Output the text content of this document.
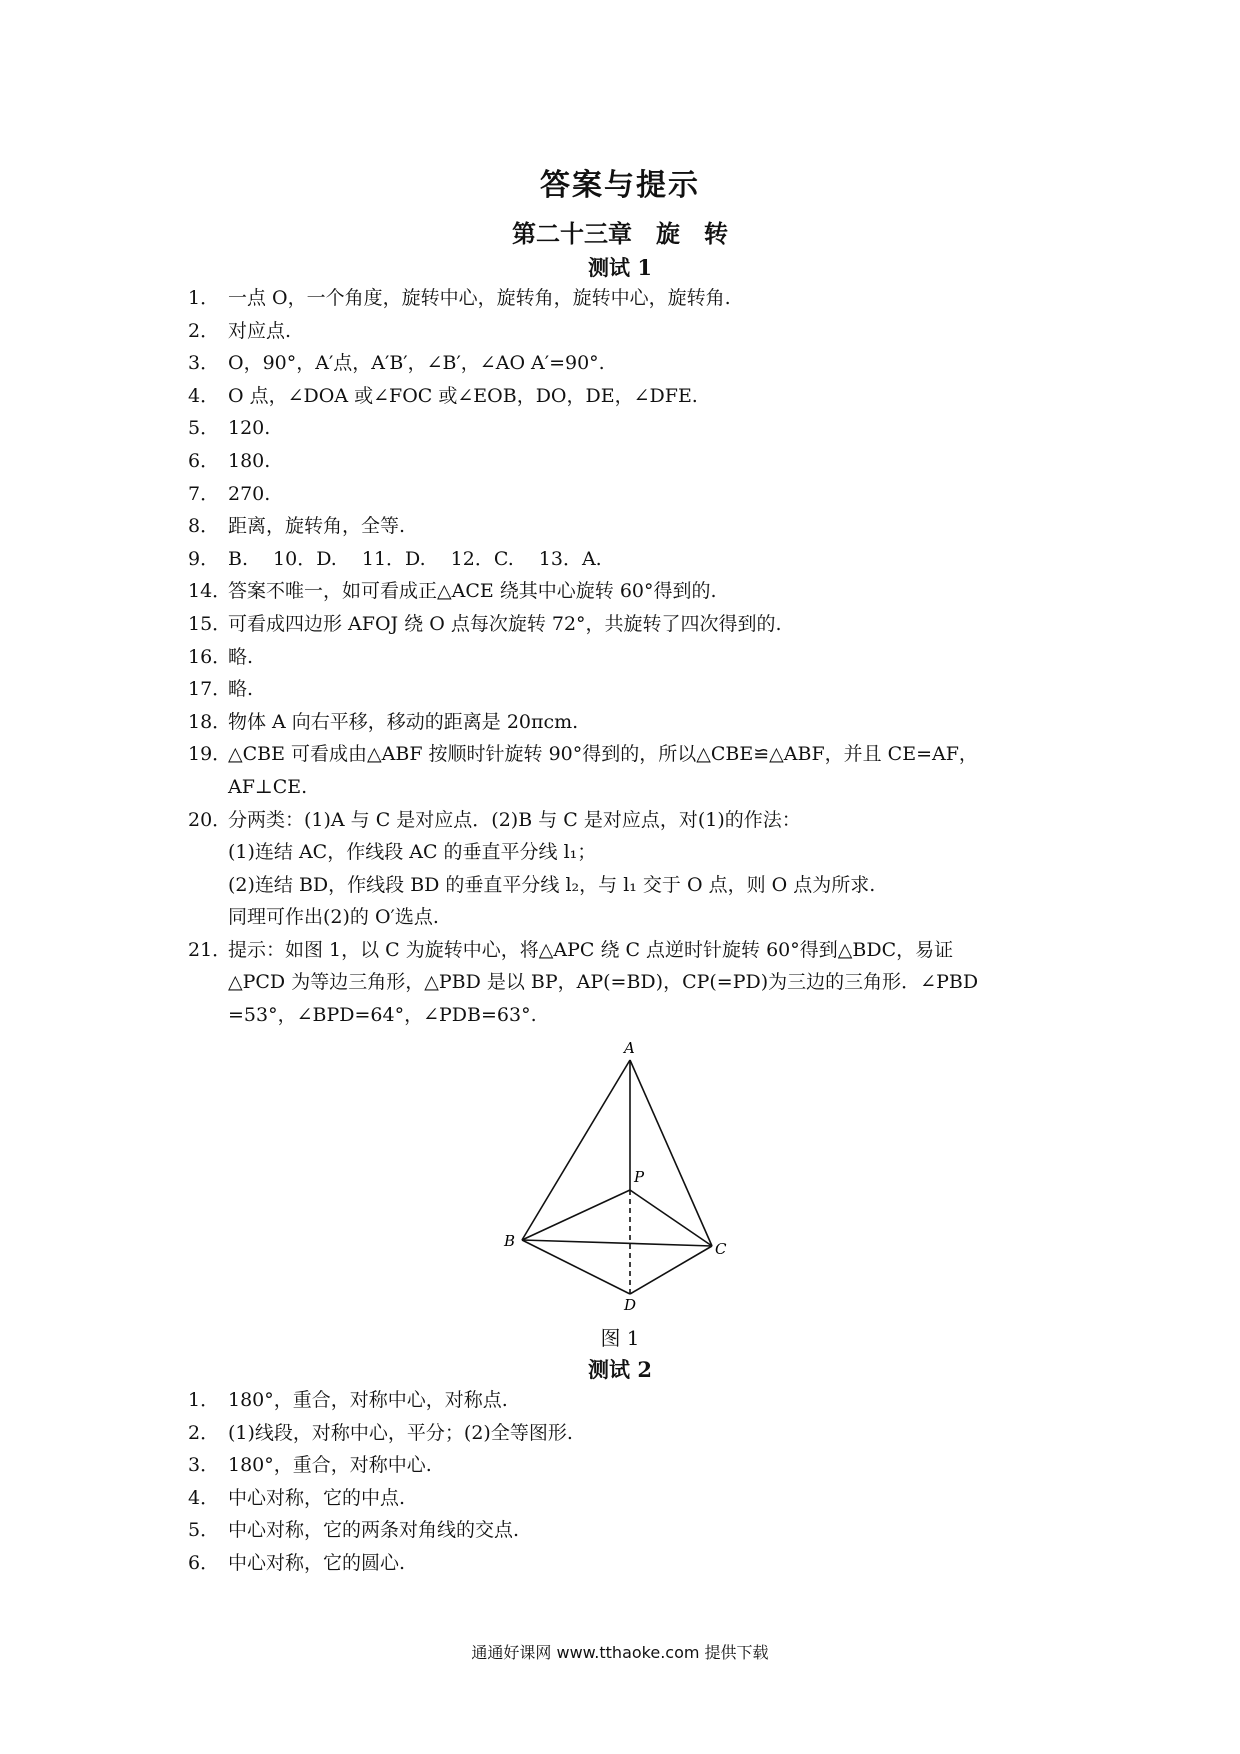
答案与提示
第二十三章　旋　转
测试 1
1． 一点 O，一个角度，旋转中心，旋转角，旋转中心，旋转角.
2． 对应点.
3． O，90°，A′点，A′B′，∠B′，∠AO A′=90°.
4． O 点，∠DOA 或∠FOC 或∠EOB，DO，DE，∠DFE.
5． 120.
6． 180.
7． 270.
8． 距离，旋转角，全等.
9． B.　 10．D.　 11．D.　 12．C.　 13．A.
14．
答案不唯一，如可看成正△ACE 绕其中心旋转 60°得到的.
15．
可看成四边形 AFOJ 绕 O 点每次旋转 72°，共旋转了四次得到的.
16．
略.
17．
略.
18．
物体 A 向右平移，移动的距离是 20πcm.
19．
△CBE 可看成由△ABF 按顺时针旋转 90°得到的，所以△CBE≌△ABF，并且 CE=AF，
AF⊥CE.
20．
分两类：(1)A 与 C 是对应点．(2)B 与 C 是对应点，对(1)的作法：
(1)连结 AC，作线段 AC 的垂直平分线 l₁；
(2)连结 BD，作线段 BD 的垂直平分线 l₂，与 l₁ 交于 O 点，则 O 点为所求.
同理可作出(2)的 O′选点.
21．
提示：如图 1，以 C 为旋转中心，将△APC 绕 C 点逆时针旋转 60°得到△BDC，易证
△PCD 为等边三角形，△PBD 是以 BP，AP(=BD)，CP(=PD)为三边的三角形．∠PBD
=53°，∠BPD=64°，∠PDB=63°.
A
P
B	C
D
图 1
测试 2
1． 180°，重合，对称中心，对称点.
2． (1)线段，对称中心，平分；(2)全等图形.
3． 180°，重合，对称中心.
4． 中心对称，它的中点.
5． 中心对称，它的两条对角线的交点.
6． 中心对称，它的圆心.
通通好课网 www.tthaoke.com 提供下载
